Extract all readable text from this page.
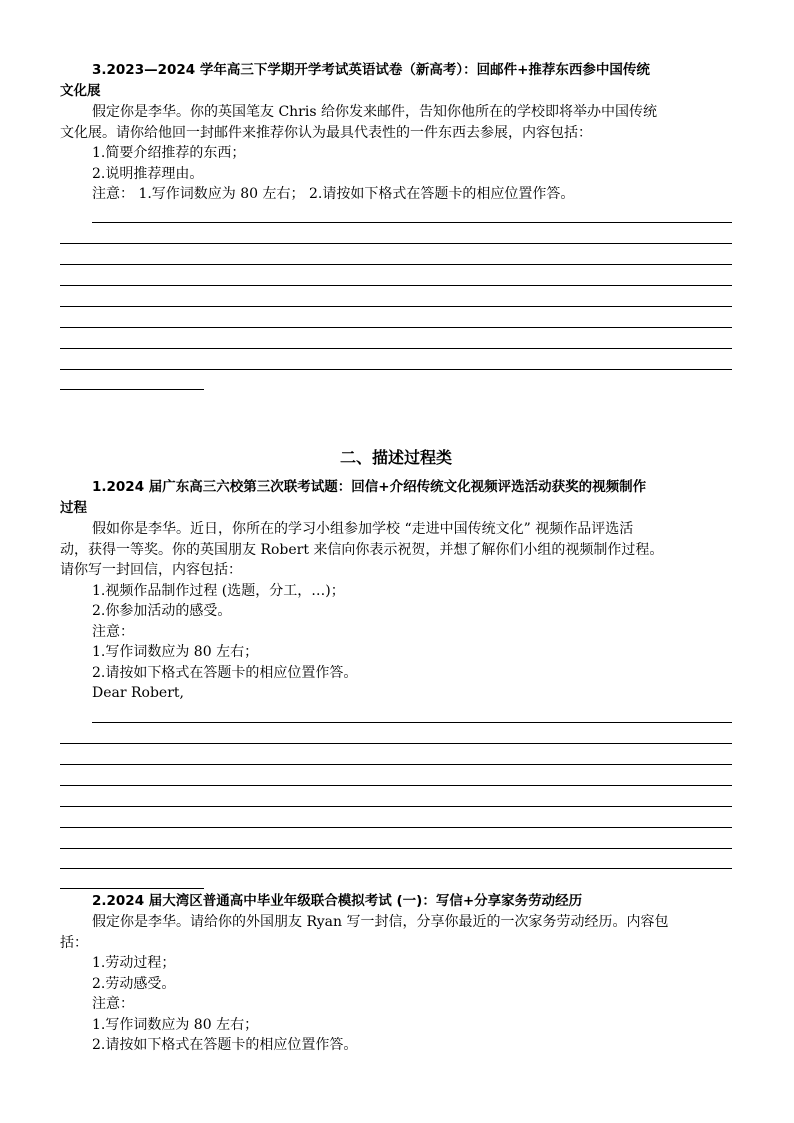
3.2023—2024 学年高三下学期开学考试英语试卷（新高考）：回邮件+推荐东西参中国传统

文化展

假定你是李华。你的英国笔友 Chris 给你发来邮件，告知你他所在的学校即将举办中国传统

文化展。请你给他回一封邮件来推荐你认为最具代表性的一件东西去参展，内容包括：

1.简要介绍推荐的东西；

2.说明推荐理由。

注意： 1.写作词数应为 80 左右； 2.请按如下格式在答题卡的相应位置作答。

二、描述过程类

1.2024 届广东高三六校第三次联考试题：回信+介绍传统文化视频评选活动获奖的视频制作

过程

假如你是李华。近日，你所在的学习小组参加学校 “走进中国传统文化” 视频作品评选活

动，获得一等奖。你的英国朋友 Robert 来信向你表示祝贺，并想了解你们小组的视频制作过程。

请你写一封回信，内容包括：

1.视频作品制作过程 (选题，分工，…)；

2.你参加活动的感受。

注意：

1.写作词数应为 80 左右；

2.请按如下格式在答题卡的相应位置作答。

Dear Robert,

2.2024 届大湾区普通高中毕业年级联合模拟考试 (一)：写信+分享家务劳动经历

假定你是李华。请给你的外国朋友 Ryan 写一封信，分享你最近的一次家务劳动经历。内容包

括：

1.劳动过程；

2.劳动感受。

注意：

1.写作词数应为 80 左右；

2.请按如下格式在答题卡的相应位置作答。
